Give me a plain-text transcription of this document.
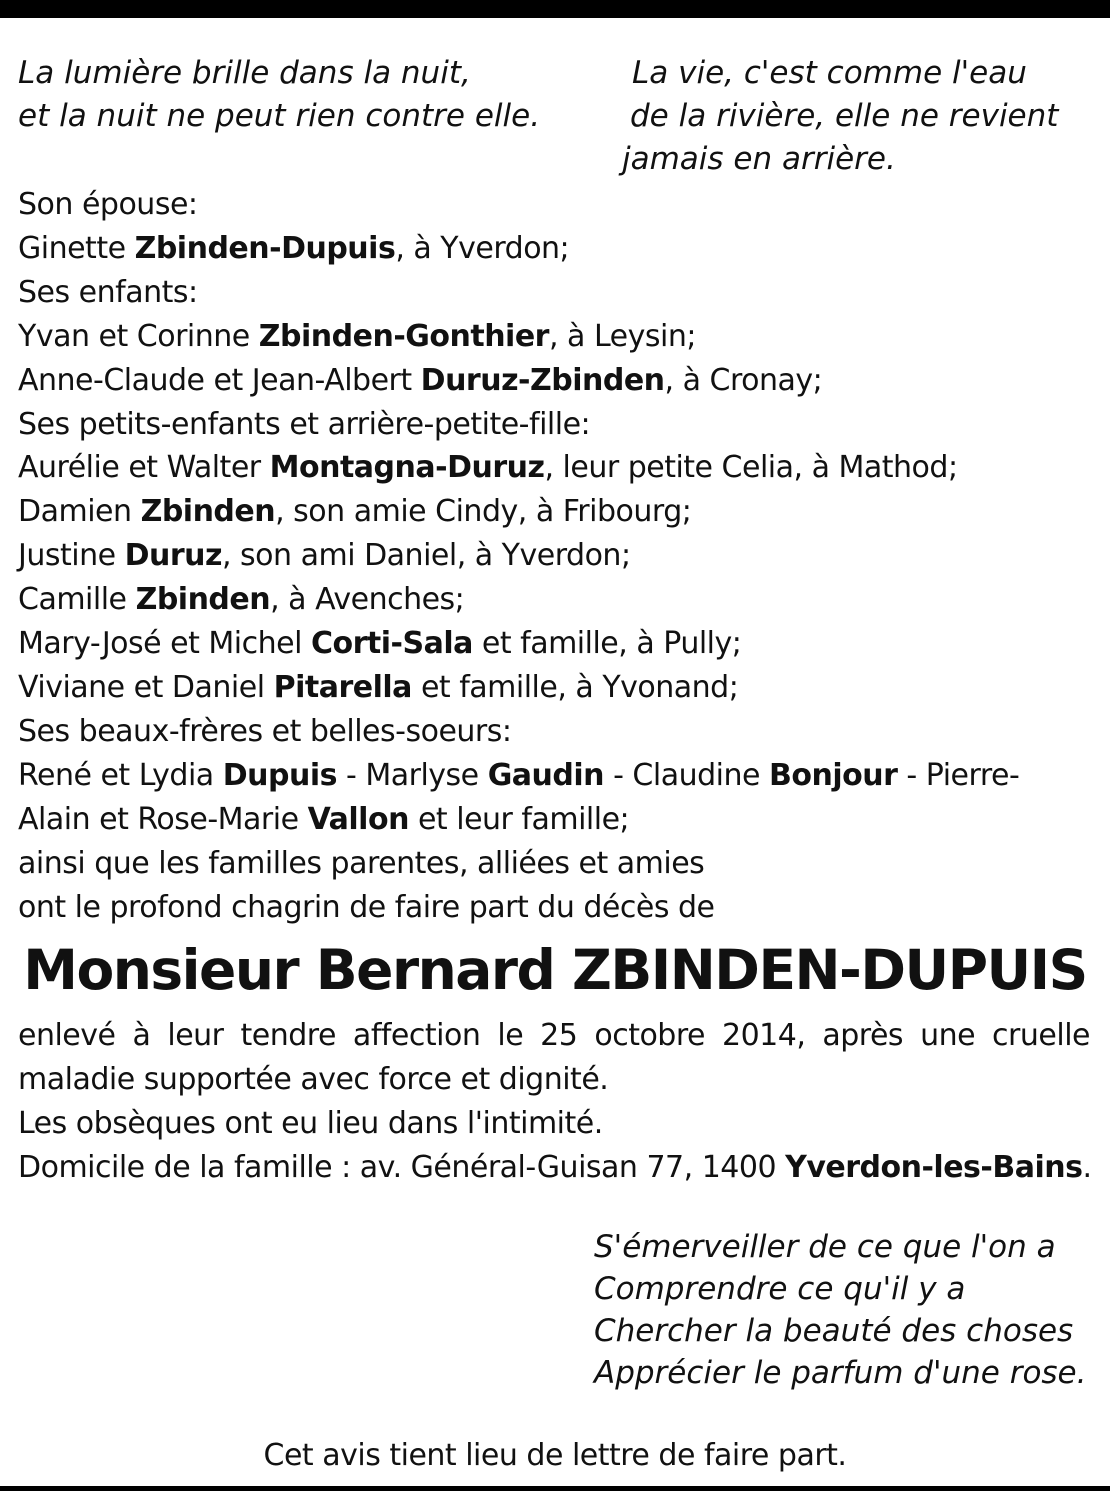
La lumière brille dans la nuit,
et la nuit ne peut rien contre elle.
La vie, c'est comme l'eau
de la rivière, elle ne revient
jamais en arrière.
Son épouse:
Ginette Zbinden-Dupuis, à Yverdon;
Ses enfants:
Yvan et Corinne Zbinden-Gonthier, à Leysin;
Anne-Claude et Jean-Albert Duruz-Zbinden, à Cronay;
Ses petits-enfants et arrière-petite-fille:
Aurélie et Walter Montagna-Duruz, leur petite Celia, à Mathod;
Damien Zbinden, son amie Cindy, à Fribourg;
Justine Duruz, son ami Daniel, à Yverdon;
Camille Zbinden, à Avenches;
Mary-José et Michel Corti-Sala et famille, à Pully;
Viviane et Daniel Pitarella et famille, à Yvonand;
Ses beaux-frères et belles-soeurs:
René et Lydia Dupuis - Marlyse Gaudin - Claudine Bonjour - Pierre-
Alain et Rose-Marie Vallon et leur famille;
ainsi que les familles parentes, alliées et amies
ont le profond chagrin de faire part du décès de
Monsieur Bernard ZBINDEN-DUPUIS
enlevé à leur tendre affection le 25 octobre 2014, après une cruelle
maladie supportée avec force et dignité.
Les obsèques ont eu lieu dans l'intimité.
Domicile de la famille : av. Général-Guisan 77, 1400 Yverdon-les-Bains.
S'émerveiller de ce que l'on a
Comprendre ce qu'il y a
Chercher la beauté des choses
Apprécier le parfum d'une rose.
Cet avis tient lieu de lettre de faire part.
